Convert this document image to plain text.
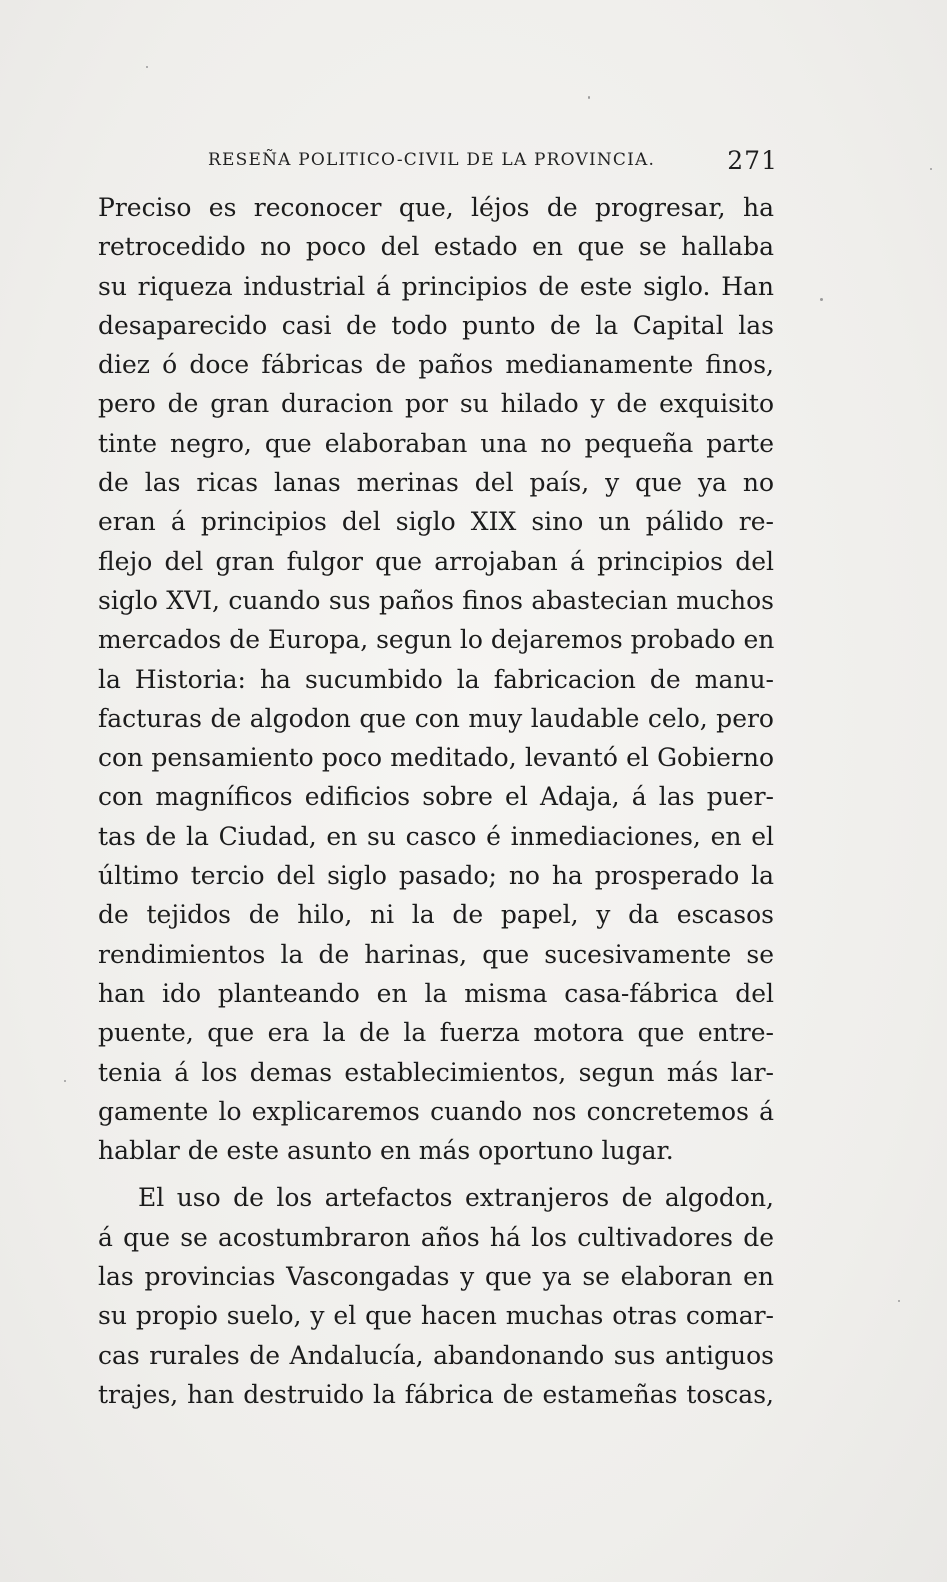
RESEÑA POLITICO-CIVIL DE LA PROVINCIA.	271
Preciso es reconocer que, léjos de progresar, ha
retrocedido no poco del estado en que se hallaba
su riqueza industrial á principios de este siglo. Han
desaparecido casi de todo punto de la Capital las
diez ó doce fábricas de paños medianamente finos,
pero de gran duracion por su hilado y de exquisito
tinte negro, que elaboraban una no pequeña parte
de las ricas lanas merinas del país, y que ya no
eran á principios del siglo XIX sino un pálido re-
flejo del gran fulgor que arrojaban á principios del
siglo XVI, cuando sus paños finos abastecian muchos
mercados de Europa, segun lo dejaremos probado en
la Historia: ha sucumbido la fabricacion de manu-
facturas de algodon que con muy laudable celo, pero
con pensamiento poco meditado, levantó el Gobierno
con magníficos edificios sobre el Adaja, á las puer-
tas de la Ciudad, en su casco é inmediaciones, en el
último tercio del siglo pasado; no ha prosperado la
de tejidos de hilo, ni la de papel, y da escasos
rendimientos la de harinas, que sucesivamente se
han ido planteando en la misma casa-fábrica del
puente, que era la de la fuerza motora que entre-
tenia á los demas establecimientos, segun más lar-
gamente lo explicaremos cuando nos concretemos á
hablar de este asunto en más oportuno lugar.
El uso de los artefactos extranjeros de algodon,
á que se acostumbraron años há los cultivadores de
las provincias Vascongadas y que ya se elaboran en
su propio suelo, y el que hacen muchas otras comar-
cas rurales de Andalucía, abandonando sus antiguos
trajes, han destruido la fábrica de estameñas toscas,
